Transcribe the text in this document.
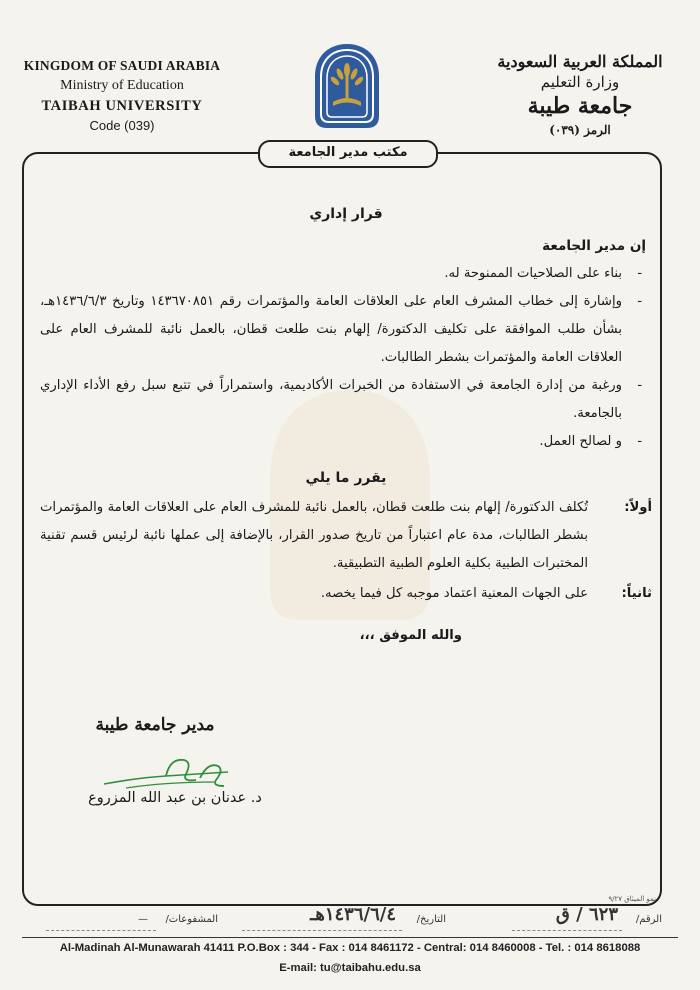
KINGDOM OF SAUDI ARABIA
Ministry of Education
TAIBAH UNIVERSITY
Code (039)
المملكة العربية السعودية
وزارة التعليم
جامعة طيبة
الرمز (٠٣٩)
مكتب مدير الجامعة
قرار إداري
إن مدير الجامعة
-
بناء على الصلاحيات الممنوحة له.
-
وإشارة إلى خطاب المشرف العام على العلاقات العامة والمؤتمرات رقم ١٤٣٦٧٠٨٥١ وتاريخ ١٤٣٦/٦/٣هـ، بشأن طلب الموافقة على تكليف الدكتورة/ إلهام بنت طلعت قطان، بالعمل نائبة للمشرف العام على العلاقات العامة والمؤتمرات بشطر الطالبات.
-
ورغبة من إدارة الجامعة في الاستفادة من الخبرات الأكاديمية، واستمراراً في تتبع سبل رفع الأداء الإداري بالجامعة.
-
و لصالح العمل.
يقرر ما يلي
أولاً:
تُكلف الدكتورة/ إلهام بنت طلعت قطان، بالعمل نائبة للمشرف العام على العلاقات العامة والمؤتمرات بشطر الطالبات، مدة عام اعتباراً من تاريخ صدور القرار، بالإضافة إلى عملها نائبة لرئيس قسم تقنية المختبرات الطبية بكلية العلوم الطبية التطبيقية.
ثانياً:
على الجهات المعنية اعتماد موجبه كل فيما يخصه.
والله الموفق ،،،
مدير جامعة طيبة
د. عدنان بن عبد الله المزروع
نمو الميثاق ٩/٢٧
الرقم/
٦٢٣ / ق
التاريخ/
١٤٣٦/٦/٤هـ
المشفوعات/
—
Al-Madinah Al-Munawarah 41411 P.O.Box : 344 - Fax : 014 8461172 - Central: 014 8460008 - Tel. : 014 8618088
E-mail: tu@taibahu.edu.sa
